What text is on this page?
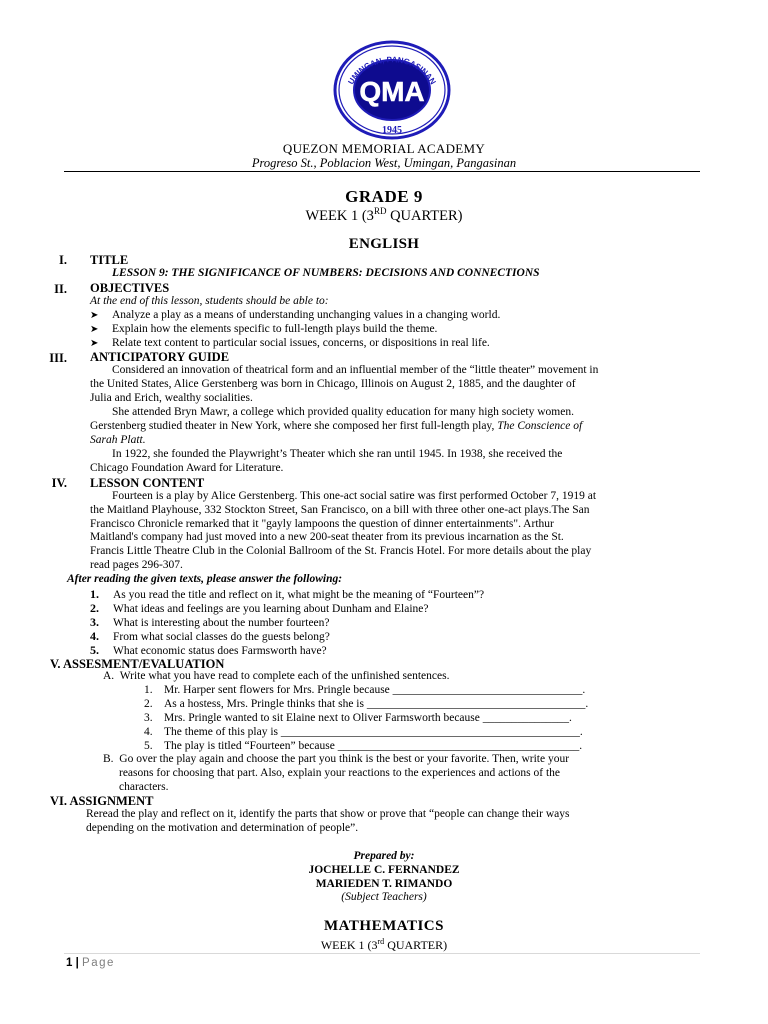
UMINGAN, PANGASINAN
QMA
1945
QUEZON MEMORIAL ACADEMY
Progreso St., Poblacion West, Umingan, Pangasinan
GRADE 9
WEEK 1 (3RD QUARTER)
ENGLISH
I. TITLE
LESSON 9: THE SIGNIFICANCE OF NUMBERS: DECISIONS AND CONNECTIONS
II. OBJECTIVES
At the end of this lesson, students should be able to:
➤ Analyze a play as a means of understanding unchanging values in a changing world.
➤ Explain how the elements specific to full-length plays build the theme.
➤ Relate text content to particular social issues, concerns, or dispositions in real life.
III. ANTICIPATORY GUIDE
Considered an innovation of theatrical form and an influential member of the “little theater” movement in
the United States, Alice Gerstenberg was born in Chicago, Illinois on August 2, 1885, and the daughter of
Julia and Erich, wealthy socialities.
She attended Bryn Mawr, a college which provided quality education for many high society women.
Gerstenberg studied theater in New York, where she composed her first full-length play, The Conscience of
Sarah Platt.
In 1922, she founded the Playwright’s Theater which she ran until 1945. In 1938, she received the
Chicago Foundation Award for Literature.
IV. LESSON CONTENT
Fourteen is a play by Alice Gerstenberg. This one-act social satire was first performed October 7, 1919 at
the Maitland Playhouse, 332 Stockton Street, San Francisco, on a bill with three other one-act plays.The San
Francisco Chronicle remarked that it "gayly lampoons the question of dinner entertainments". Arthur
Maitland's company had just moved into a new 200-seat theater from its previous incarnation as the St.
Francis Little Theatre Club in the Colonial Ballroom of the St. Francis Hotel. For more details about the play
read pages 296-307.
After reading the given texts, please answer the following:
1. As you read the title and reflect on it, what might be the meaning of “Fourteen”?
2. What ideas and feelings are you learning about Dunham and Elaine?
3. What is interesting about the number fourteen?
4. From what social classes do the guests belong?
5. What economic status does Farmsworth have?
V. ASSESMENT/EVALUATION
A. Write what you have read to complete each of the unfinished sentences.
1. Mr. Harper sent flowers for Mrs. Pringle because _________________________________.
2. As a hostess, Mrs. Pringle thinks that she is ______________________________________.
3. Mrs. Pringle wanted to sit Elaine next to Oliver Farmsworth because _______________.
4. The theme of this play is ____________________________________________________.
5. The play is titled “Fourteen” because __________________________________________.
B. Go over the play again and choose the part you think is the best or your favorite. Then, write your
reasons for choosing that part. Also, explain your reactions to the experiences and actions of the
characters.
VI. ASSIGNMENT
Reread the play and reflect on it, identify the parts that show or prove that “people can change their ways
depending on the motivation and determination of people”.
Prepared by:
JOCHELLE C. FERNANDEZ
MARIEDEN T. RIMANDO
(Subject Teachers)
MATHEMATICS
WEEK 1 (3rd QUARTER)
1 | Page
